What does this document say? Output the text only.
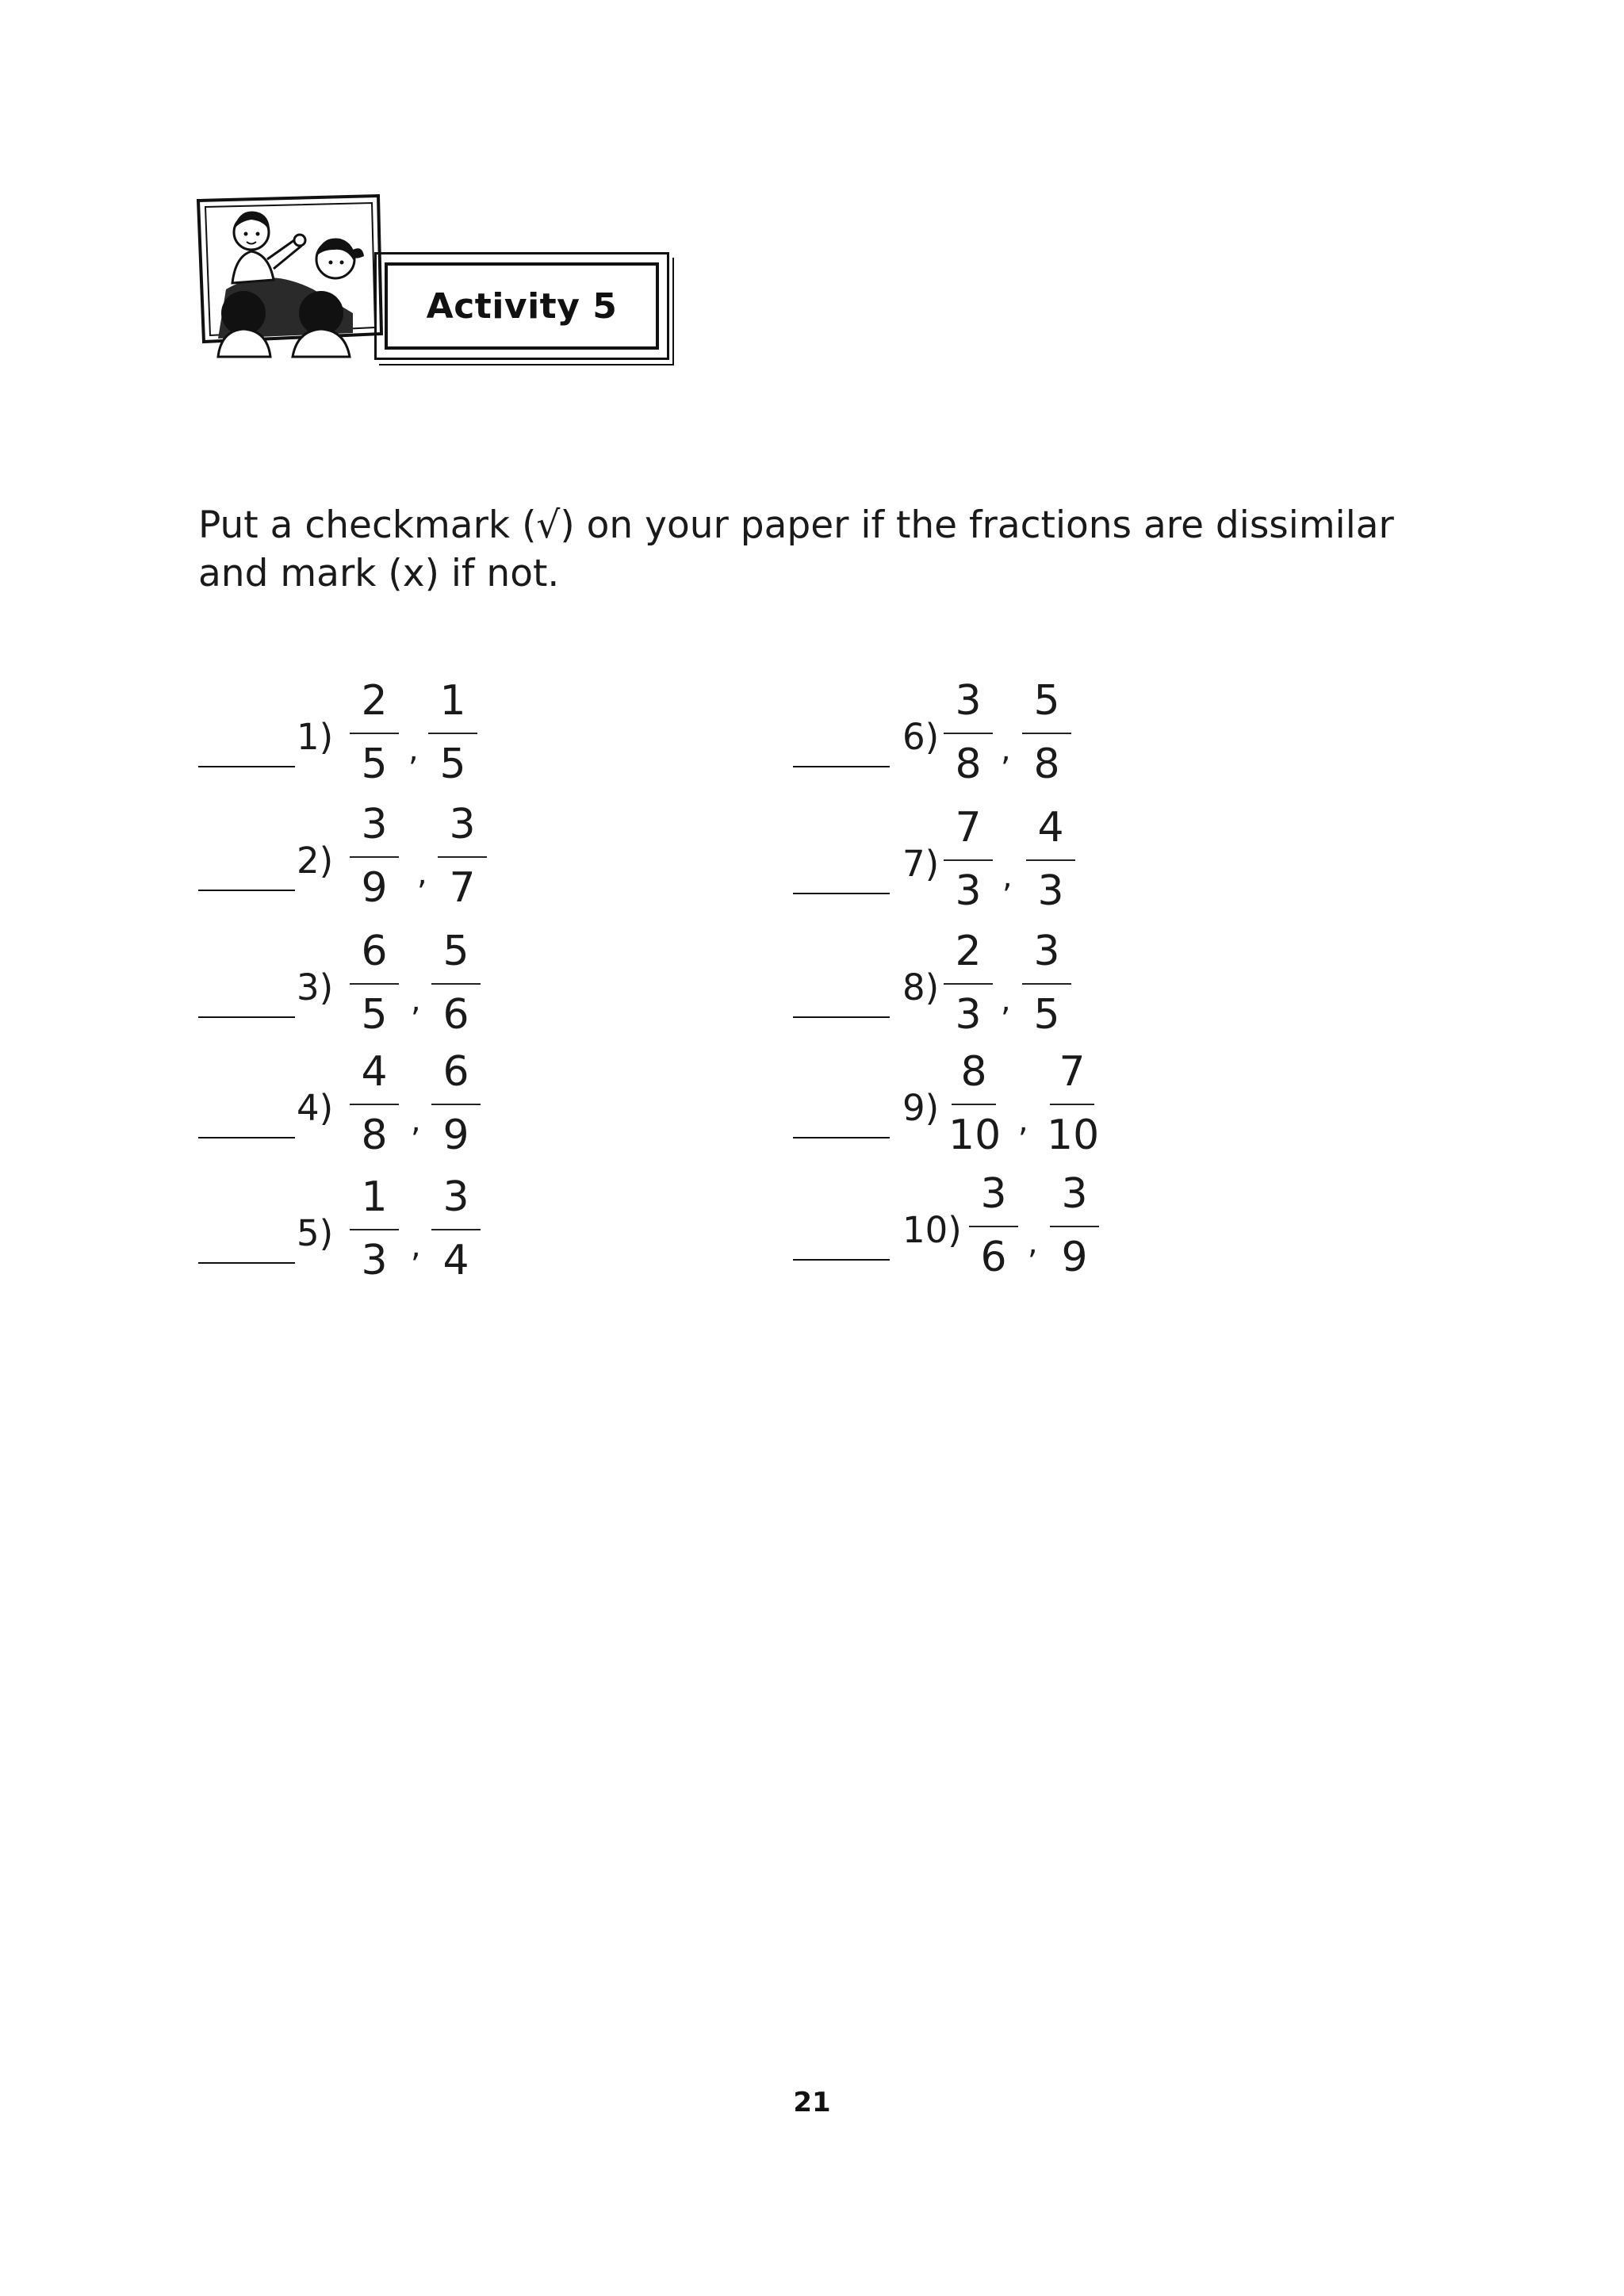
Activity 5
Put a checkmark (√) on your paper if the fractions are dissimilar
and mark (x) if not.
1)
2
5 ,
1
5
2)
3
9 ,
3
7
3)
6
5 ,
5
6
4)
4
8 ,
6
9
5)
1
3 ,
3
4
6)
3
8 ,
5
8
7)
7
3 ,
4
3
8)
2
3 ,
3
5
9)
8
10 ,
7
10
10)
3
6 ,
3
9
21
